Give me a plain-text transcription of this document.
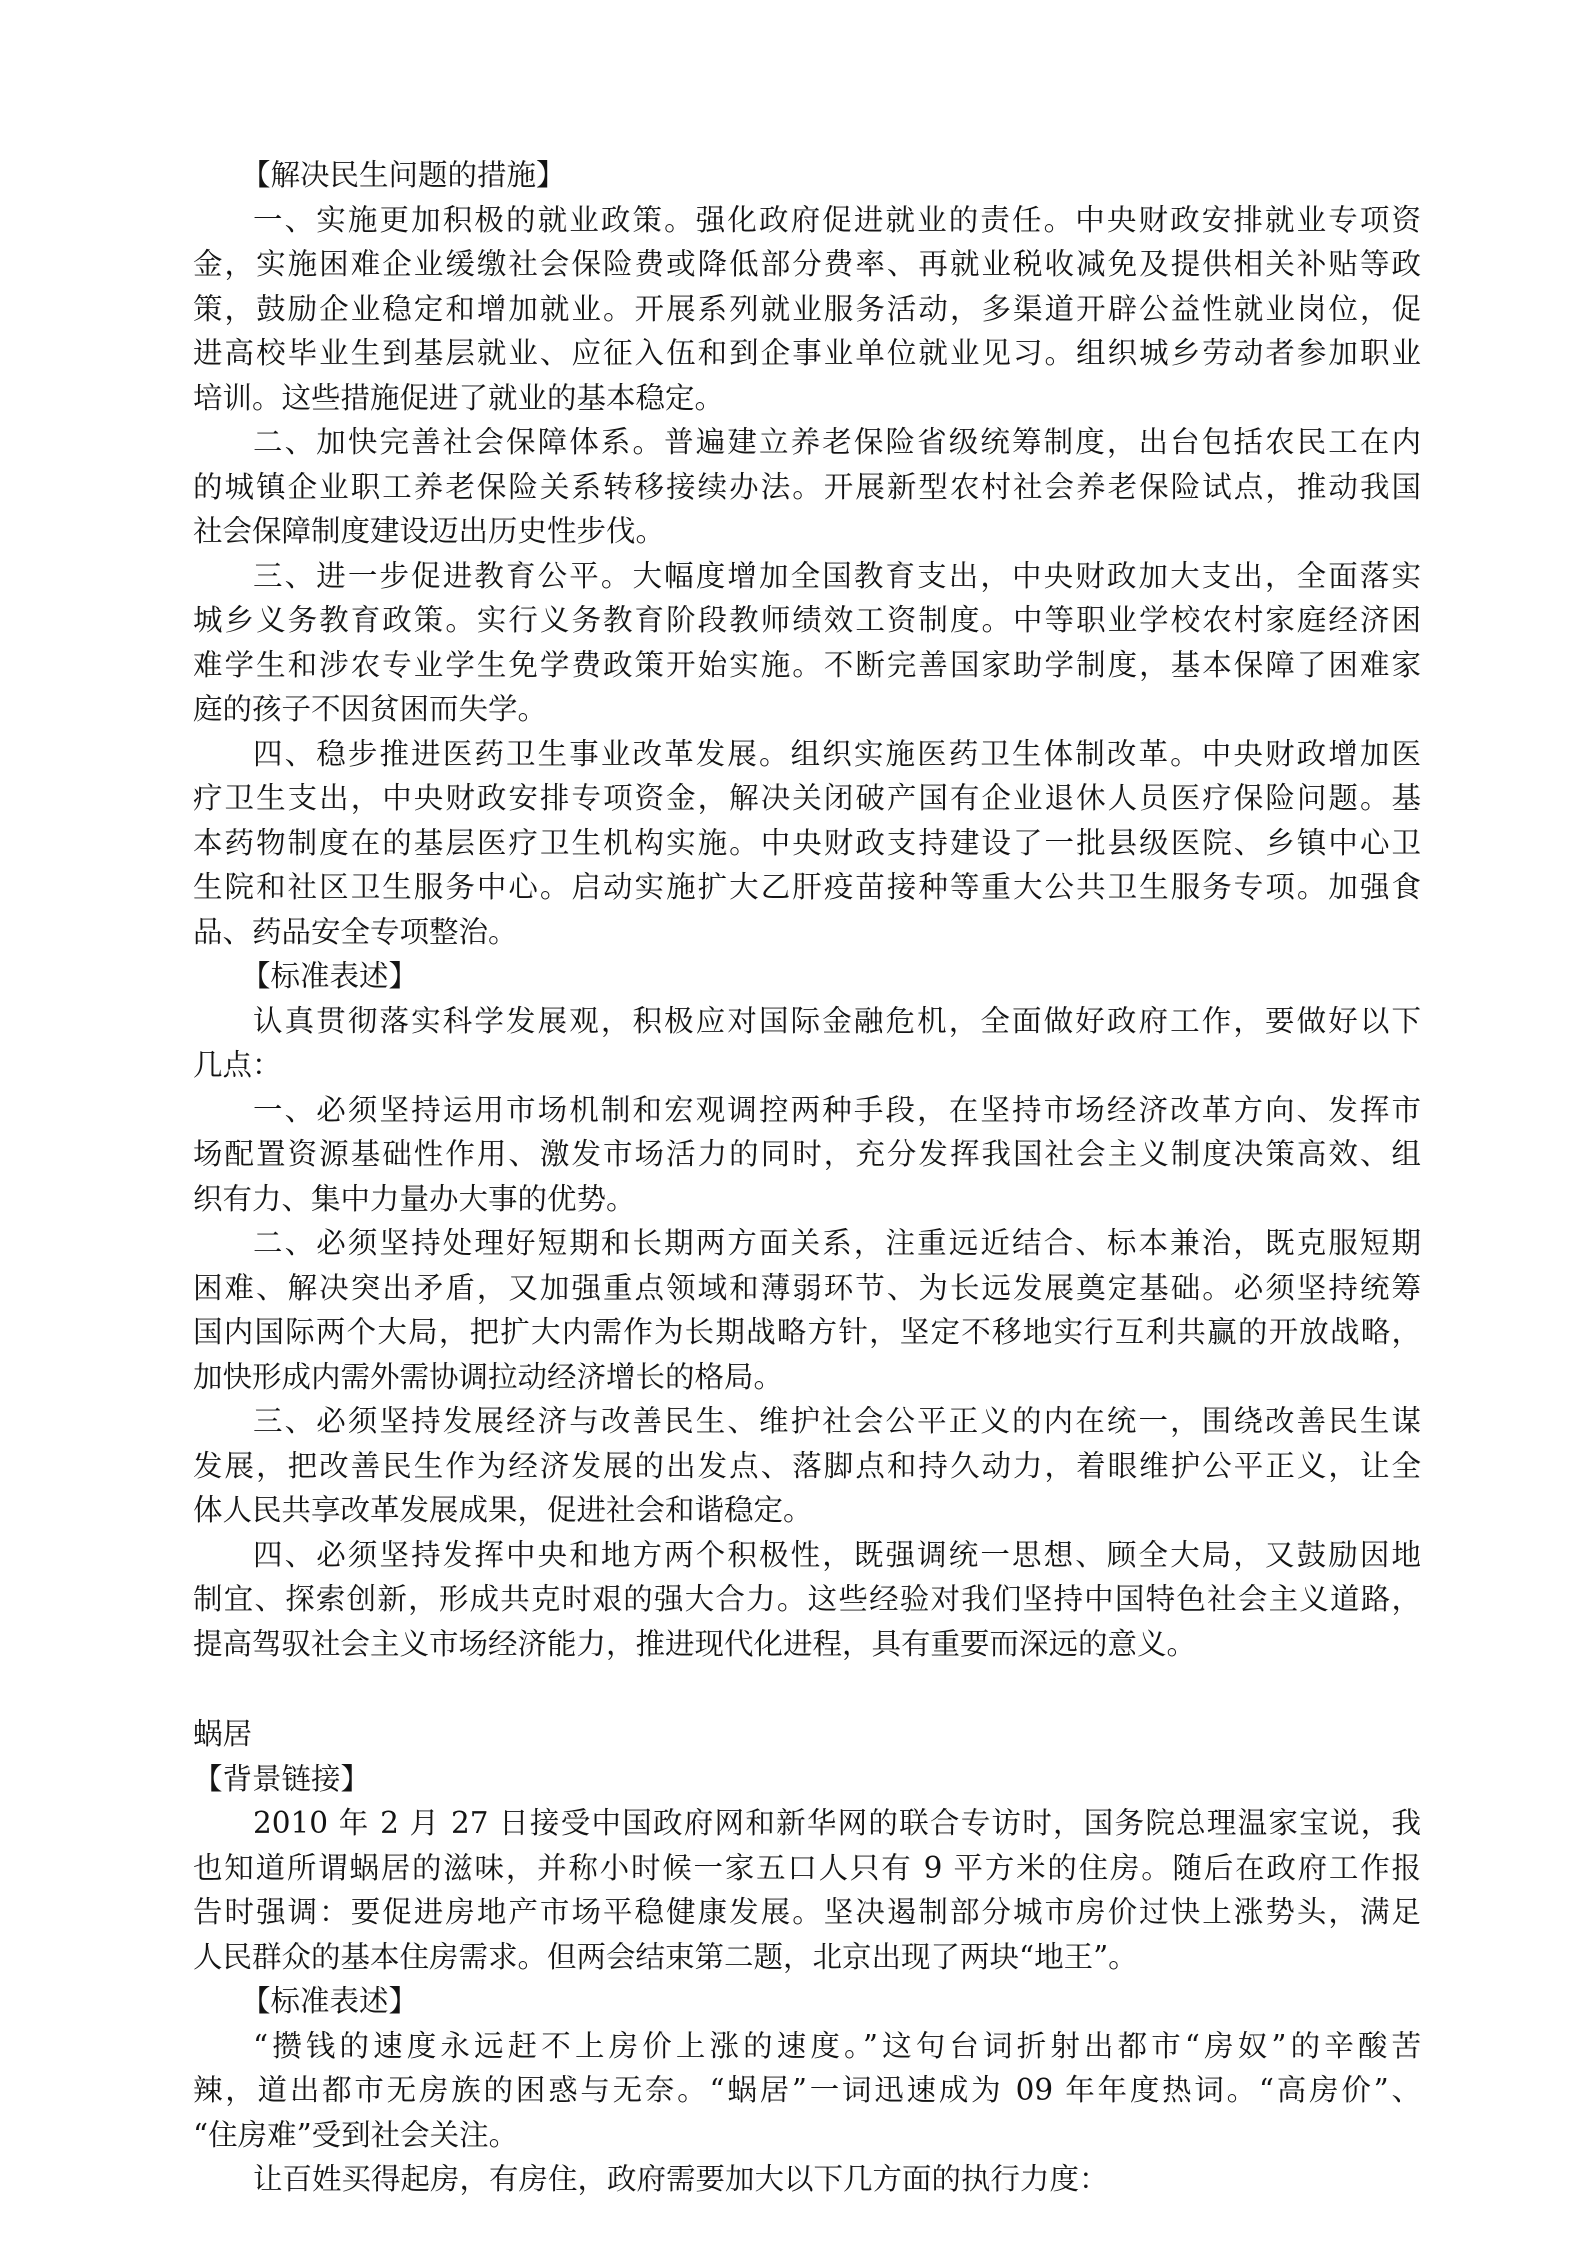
【解决民生问题的措施】
一、实施更加积极的就业政策。强化政府促进就业的责任。中央财政安排就业专项资
金，实施困难企业缓缴社会保险费或降低部分费率、再就业税收减免及提供相关补贴等政
策，鼓励企业稳定和增加就业。开展系列就业服务活动，多渠道开辟公益性就业岗位，促
进高校毕业生到基层就业、应征入伍和到企事业单位就业见习。组织城乡劳动者参加职业
培训。这些措施促进了就业的基本稳定。
二、加快完善社会保障体系。普遍建立养老保险省级统筹制度，出台包括农民工在内
的城镇企业职工养老保险关系转移接续办法。开展新型农村社会养老保险试点，推动我国
社会保障制度建设迈出历史性步伐。
三、进一步促进教育公平。大幅度增加全国教育支出，中央财政加大支出，全面落实
城乡义务教育政策。实行义务教育阶段教师绩效工资制度。中等职业学校农村家庭经济困
难学生和涉农专业学生免学费政策开始实施。不断完善国家助学制度，基本保障了困难家
庭的孩子不因贫困而失学。
四、稳步推进医药卫生事业改革发展。组织实施医药卫生体制改革。中央财政增加医
疗卫生支出，中央财政安排专项资金，解决关闭破产国有企业退休人员医疗保险问题。基
本药物制度在的基层医疗卫生机构实施。中央财政支持建设了一批县级医院、乡镇中心卫
生院和社区卫生服务中心。启动实施扩大乙肝疫苗接种等重大公共卫生服务专项。加强食
品、药品安全专项整治。
【标准表述】
认真贯彻落实科学发展观，积极应对国际金融危机，全面做好政府工作，要做好以下
几点：
一、必须坚持运用市场机制和宏观调控两种手段，在坚持市场经济改革方向、发挥市
场配置资源基础性作用、激发市场活力的同时，充分发挥我国社会主义制度决策高效、组
织有力、集中力量办大事的优势。
二、必须坚持处理好短期和长期两方面关系，注重远近结合、标本兼治，既克服短期
困难、解决突出矛盾，又加强重点领域和薄弱环节、为长远发展奠定基础。必须坚持统筹
国内国际两个大局，把扩大内需作为长期战略方针，坚定不移地实行互利共赢的开放战略，
加快形成内需外需协调拉动经济增长的格局。
三、必须坚持发展经济与改善民生、维护社会公平正义的内在统一，围绕改善民生谋
发展，把改善民生作为经济发展的出发点、落脚点和持久动力，着眼维护公平正义，让全
体人民共享改革发展成果，促进社会和谐稳定。
四、必须坚持发挥中央和地方两个积极性，既强调统一思想、顾全大局，又鼓励因地
制宜、探索创新，形成共克时艰的强大合力。这些经验对我们坚持中国特色社会主义道路，
提高驾驭社会主义市场经济能力，推进现代化进程，具有重要而深远的意义。
蜗居
【背景链接】
2010 年 2 月 27 日接受中国政府网和新华网的联合专访时，国务院总理温家宝说，我
也知道所谓蜗居的滋味，并称小时候一家五口人只有 9 平方米的住房。随后在政府工作报
告时强调：要促进房地产市场平稳健康发展。坚决遏制部分城市房价过快上涨势头，满足
人民群众的基本住房需求。但两会结束第二题，北京出现了两块“地王”。
【标准表述】
“攒钱的速度永远赶不上房价上涨的速度。”这句台词折射出都市“房奴”的辛酸苦
辣，道出都市无房族的困惑与无奈。“蜗居”一词迅速成为 09 年年度热词。“高房价”、
“住房难”受到社会关注。
让百姓买得起房，有房住，政府需要加大以下几方面的执行力度：
